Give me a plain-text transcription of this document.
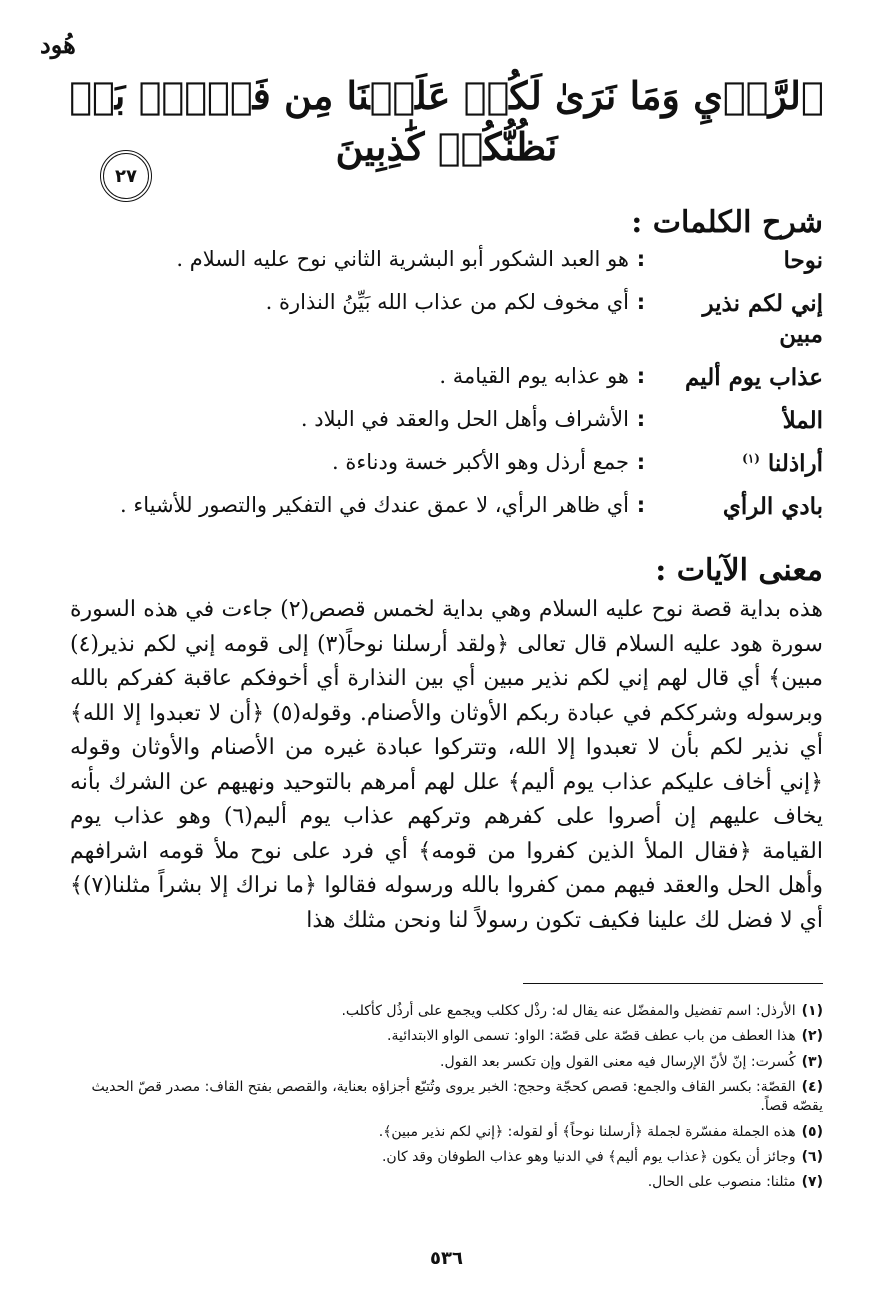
هُود
ٱلرَّأۡيِ وَمَا نَرَىٰ لَكُمۡ عَلَيۡنَا مِن فَضۡلِۭ بَلۡ نَظُنُّكُمۡ كَٰذِبِينَ
٢٧
شرح الكلمات :
نوحا
:
هو العبد الشكور أبو البشرية الثاني نوح عليه السلام .
إني لكم نذير مبين
:
أي مخوف لكم من عذاب الله بَيِّنُ النذارة .
عذاب يوم أليم
:
هو عذابه يوم القيامة .
الملأ
:
الأشراف وأهل الحل والعقد في البلاد .
أراذلنا $^{(١)}$
:
جمع أرذل وهو الأكبر خسة ودناءة .
بادي الرأي
:
أي ظاهر الرأي، لا عمق عندك في التفكير والتصور للأشياء .
معنى الآيات :
هذه بداية قصة نوح عليه السلام وهي بداية لخمس قصص(٢) جاءت في هذه السورة سورة هود عليه السلام قال تعالى ﴿ولقد أرسلنا نوحاً(٣) إلى قومه إني لكم نذير(٤) مبين﴾ أي قال لهم إني لكم نذير مبين أي بين النذارة أي أخوفكم عاقبة كفركم بالله وبرسوله وشرككم في عبادة ربكم الأوثان والأصنام. وقوله(٥) ﴿أن لا تعبدوا إلا الله﴾ أي نذير لكم بأن لا تعبدوا إلا الله، وتتركوا عبادة غيره من الأصنام والأوثان وقوله ﴿إني أخاف عليكم عذاب يوم أليم﴾ علل لهم أمرهم بالتوحيد ونهيهم عن الشرك بأنه يخاف عليهم إن أصروا على كفرهم وتركهم عذاب يوم أليم(٦) وهو عذاب يوم القيامة ﴿فقال الملأ الذين كفروا من قومه﴾ أي فرد على نوح ملأ قومه اشرافهم وأهل الحل والعقد فيهم ممن كفروا بالله ورسوله فقالوا ﴿ما نراك إلا بشراً مثلنا(٧)﴾ أي لا فضل لك علينا فكيف تكون رسولاً لنا ونحن مثلك هذا
(١)الأرذل: اسم تفضيل والمفضّل عنه يقال له: رذْل ككلب ويجمع على أرذُل كأكلب.
(٢)هذا العطف من باب عطف قصّة على قصّة: الواو: تسمى الواو الابتدائية.
(٣)كُسرت: إنّ لأنّ الإرسال فيه معنى القول وإن تكسر بعد القول.
(٤)القصّة: بكسر القاف والجمع: قصص كحجّة وحجج: الخبر يروى وتُتبّع أجزاؤه بعناية، والقصص بفتح القاف: مصدر قصّ الحديث يقصّه قصاً.
(٥)هذه الجملة مفسّرة لجملة ﴿أرسلنا نوحاً﴾ أو لقوله: ﴿إني لكم نذير مبين﴾.
(٦)وجائز أن يكون ﴿عذاب يوم أليم﴾ في الدنيا وهو عذاب الطوفان وقد كان.
(٧)مثلنا: منصوب على الحال.
٥٣٦
